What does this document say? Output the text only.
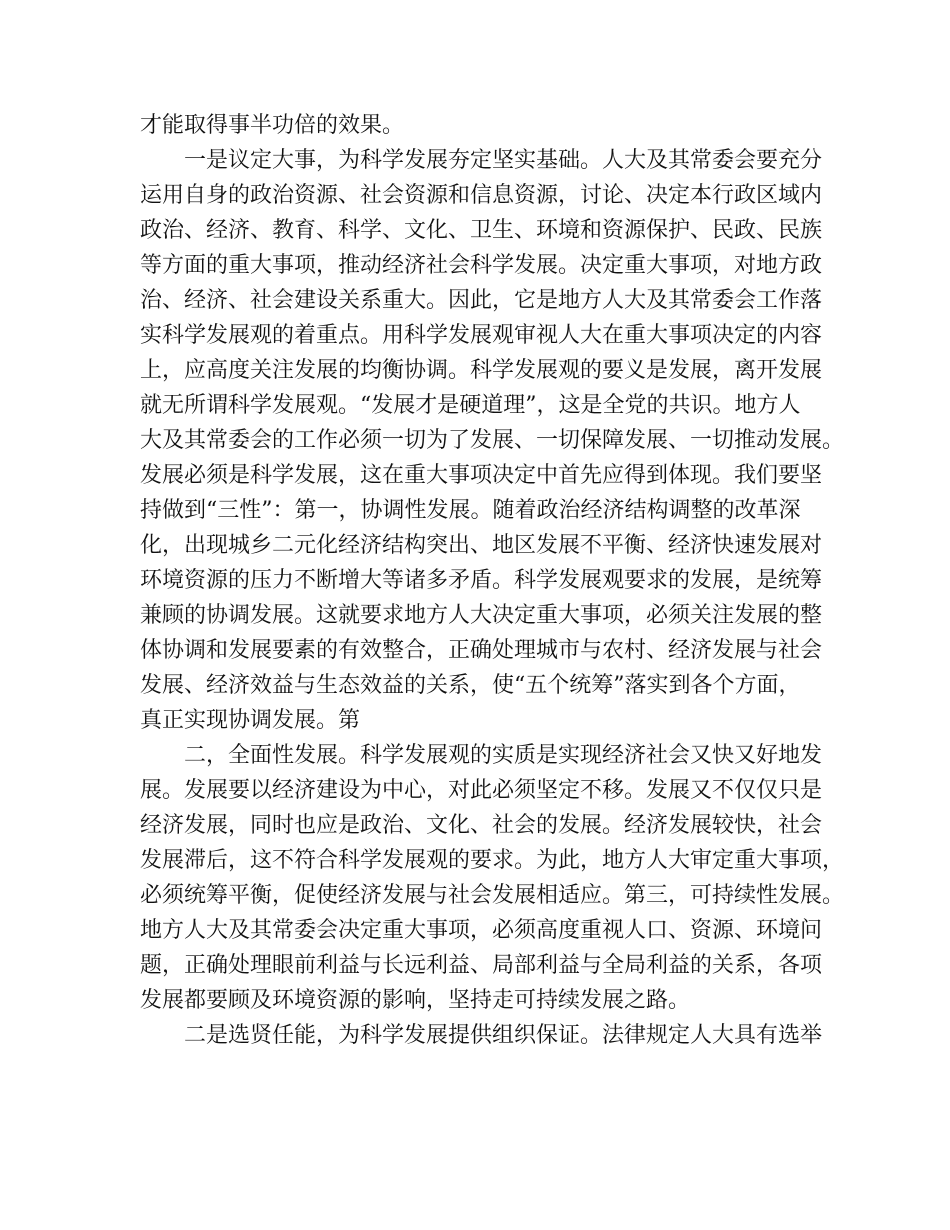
才能取得事半功倍的效果。
一是议定大事，为科学发展夯定坚实基础。人大及其常委会要充分
运用自身的政治资源、社会资源和信息资源，讨论、决定本行政区域内
政治、经济、教育、科学、文化、卫生、环境和资源保护、民政、民族
等方面的重大事项，推动经济社会科学发展。决定重大事项，对地方政
治、经济、社会建设关系重大。因此，它是地方人大及其常委会工作落
实科学发展观的着重点。用科学发展观审视人大在重大事项决定的内容
上，应高度关注发展的均衡协调。科学发展观的要义是发展，离开发展
就无所谓科学发展观。“发展才是硬道理”，这是全党的共识。地方人
大及其常委会的工作必须一切为了发展、一切保障发展、一切推动发展。
发展必须是科学发展，这在重大事项决定中首先应得到体现。我们要坚
持做到“三性”：第一，协调性发展。随着政治经济结构调整的改革深
化，出现城乡二元化经济结构突出、地区发展不平衡、经济快速发展对
环境资源的压力不断增大等诸多矛盾。科学发展观要求的发展，是统筹
兼顾的协调发展。这就要求地方人大决定重大事项，必须关注发展的整
体协调和发展要素的有效整合，正确处理城市与农村、经济发展与社会
发展、经济效益与生态效益的关系，使“五个统筹”落实到各个方面，
真正实现协调发展。第
二，全面性发展。科学发展观的实质是实现经济社会又快又好地发
展。发展要以经济建设为中心，对此必须坚定不移。发展又不仅仅只是
经济发展，同时也应是政治、文化、社会的发展。经济发展较快，社会
发展滞后，这不符合科学发展观的要求。为此，地方人大审定重大事项，
必须统筹平衡，促使经济发展与社会发展相适应。第三，可持续性发展。
地方人大及其常委会决定重大事项，必须高度重视人口、资源、环境问
题，正确处理眼前利益与长远利益、局部利益与全局利益的关系，各项
发展都要顾及环境资源的影响，坚持走可持续发展之路。
二是选贤任能，为科学发展提供组织保证。法律规定人大具有选举
